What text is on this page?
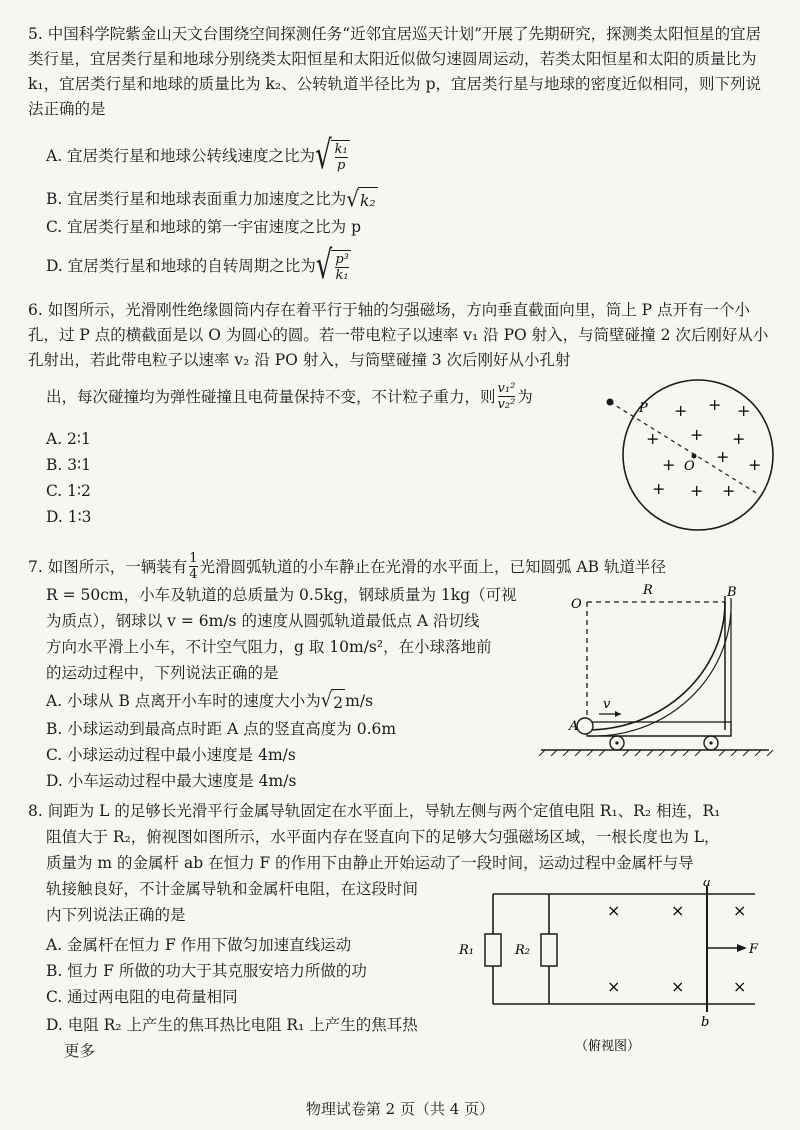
5. 中国科学院紫金山天文台围绕空间探测任务“近邻宜居巡天计划”开展了先期研究，探测类太阳恒星的宜居类行星，宜居类行星和地球分别绕类太阳恒星和太阳近似做匀速圆周运动，若类太阳恒星和太阳的质量比为 k₁，宜居类行星和地球的质量比为 k₂、公转轨道半径比为 p，宜居类行星与地球的密度近似相同，则下列说法正确的是
A. 宜居类行星和地球公转线速度之比为 √ $\frac{\text{k₁}}{p}$
B. 宜居类行星和地球表面重力加速度之比为 √ k₂
C. 宜居类行星和地球的第一宇宙速度之比为 p
D. 宜居类行星和地球的自转周期之比为 √ $\frac{\text{p³}}{\text{k₁}}$
6. 如图所示，光滑刚性绝缘圆筒内存在着平行于轴的匀强磁场，方向垂直截面向里，筒上 P 点开有一个小孔，过 P 点的横截面是以 O 为圆心的圆。若一带电粒子以速率 v₁ 沿 PO 射入，与筒壁碰撞 2 次后刚好从小孔射出，若此带电粒子以速率 v₂ 沿 PO 射入，与筒壁碰撞 3 次后刚好从小孔射
出，每次碰撞均为弹性碰撞且电荷量保持不变，不计粒子重力，则 $\frac{\text{v₁²}}{\text{v₂²}}$ 为
A. 2∶1
B. 3∶1
C. 1∶2
D. 1∶3
P
O
+ + +
+ + +
+	+ +
+ + +
7. 如图所示，一辆装有 $\frac{1}{4}$ 光滑圆弧轨道的小车静止在光滑的水平面上，已知圆弧 AB 轨道半径
R = 50cm，小车及轨道的总质量为 0.5kg，钢球质量为 1kg（可视
为质点），钢球以 v = 6m/s 的速度从圆弧轨道最低点 A 沿切线
方向水平滑上小车，不计空气阻力，g 取 10m/s²，在小球落地前
的运动过程中，下列说法正确的是
A. 小球从 B 点离开小车时的速度大小为 √ 2 m/s
B. 小球运动到最高点时距 A 点的竖直高度为 0.6m
C. 小球运动过程中最小速度是 4m/s
D. 小车运动过程中最大速度是 4m/s
O
R	B
A
v
8. 间距为 L 的足够长光滑平行金属导轨固定在水平面上，导轨左侧与两个定值电阻 R₁、R₂ 相连，R₁
阻值大于 R₂，俯视图如图所示，水平面内存在竖直向下的足够大匀强磁场区域，一根长度也为 L，
质量为 m 的金属杆 ab 在恒力 F 的作用下由静止开始运动了一段时间，运动过程中金属杆与导
轨接触良好，不计金属导轨和金属杆电阻，在这段时间
内下列说法正确的是
A. 金属杆在恒力 F 作用下做匀加速直线运动
B. 恒力 F 所做的功大于其克服安培力所做的功
C. 通过两电阻的电荷量相同
D. 电阻 R₂ 上产生的焦耳热比电阻 R₁ 上产生的焦耳热
更多
a
b
R₁	R₂	F
×	×	×
×	×	×
（俯视图）
物理试卷第 2 页（共 4 页）
